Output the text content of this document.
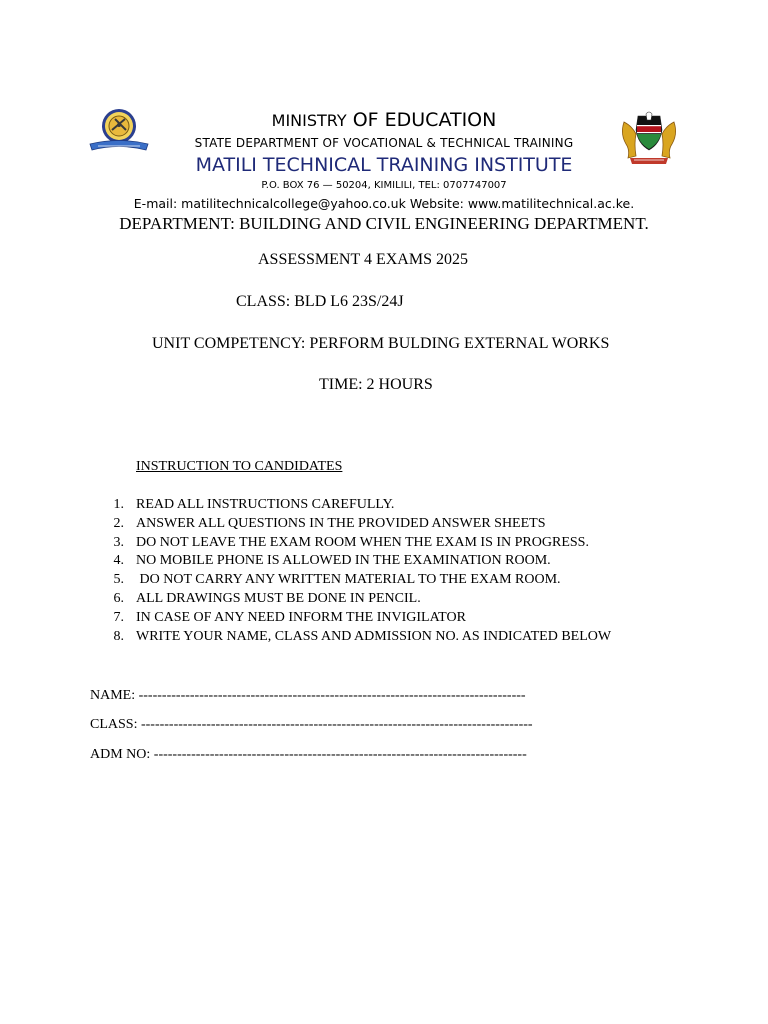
MINISTRY OF EDUCATION
STATE DEPARTMENT OF VOCATIONAL & TECHNICAL TRAINING
MATILI TECHNICAL TRAINING INSTITUTE
P.O. BOX 76 — 50204, KIMILILI, TEL: 0707747007
E-mail: matilitechnicalcollege@yahoo.co.uk Website: www.matilitechnical.ac.ke.
DEPARTMENT: BUILDING AND CIVIL ENGINEERING DEPARTMENT.
ASSESSMENT 4 EXAMS 2025
CLASS: BLD L6 23S/24J
UNIT COMPETENCY: PERFORM BULDING EXTERNAL WORKS
TIME: 2 HOURS
INSTRUCTION TO CANDIDATES
1. READ ALL INSTRUCTIONS CAREFULLY.
2. ANSWER ALL QUESTIONS IN THE PROVIDED ANSWER SHEETS
3. DO NOT LEAVE THE EXAM ROOM WHEN THE EXAM IS IN PROGRESS.
4. NO MOBILE PHONE IS ALLOWED IN THE EXAMINATION ROOM.
5. DO NOT CARRY ANY WRITTEN MATERIAL TO THE EXAM ROOM.
6. ALL DRAWINGS MUST BE DONE IN PENCIL.
7. IN CASE OF ANY NEED INFORM THE INVIGILATOR
8. WRITE YOUR NAME, CLASS AND ADMISSION NO. AS INDICATED BELOW
NAME: -----------------------------------------------------------------------------------
CLASS: ------------------------------------------------------------------------------------
ADM NO: --------------------------------------------------------------------------------
